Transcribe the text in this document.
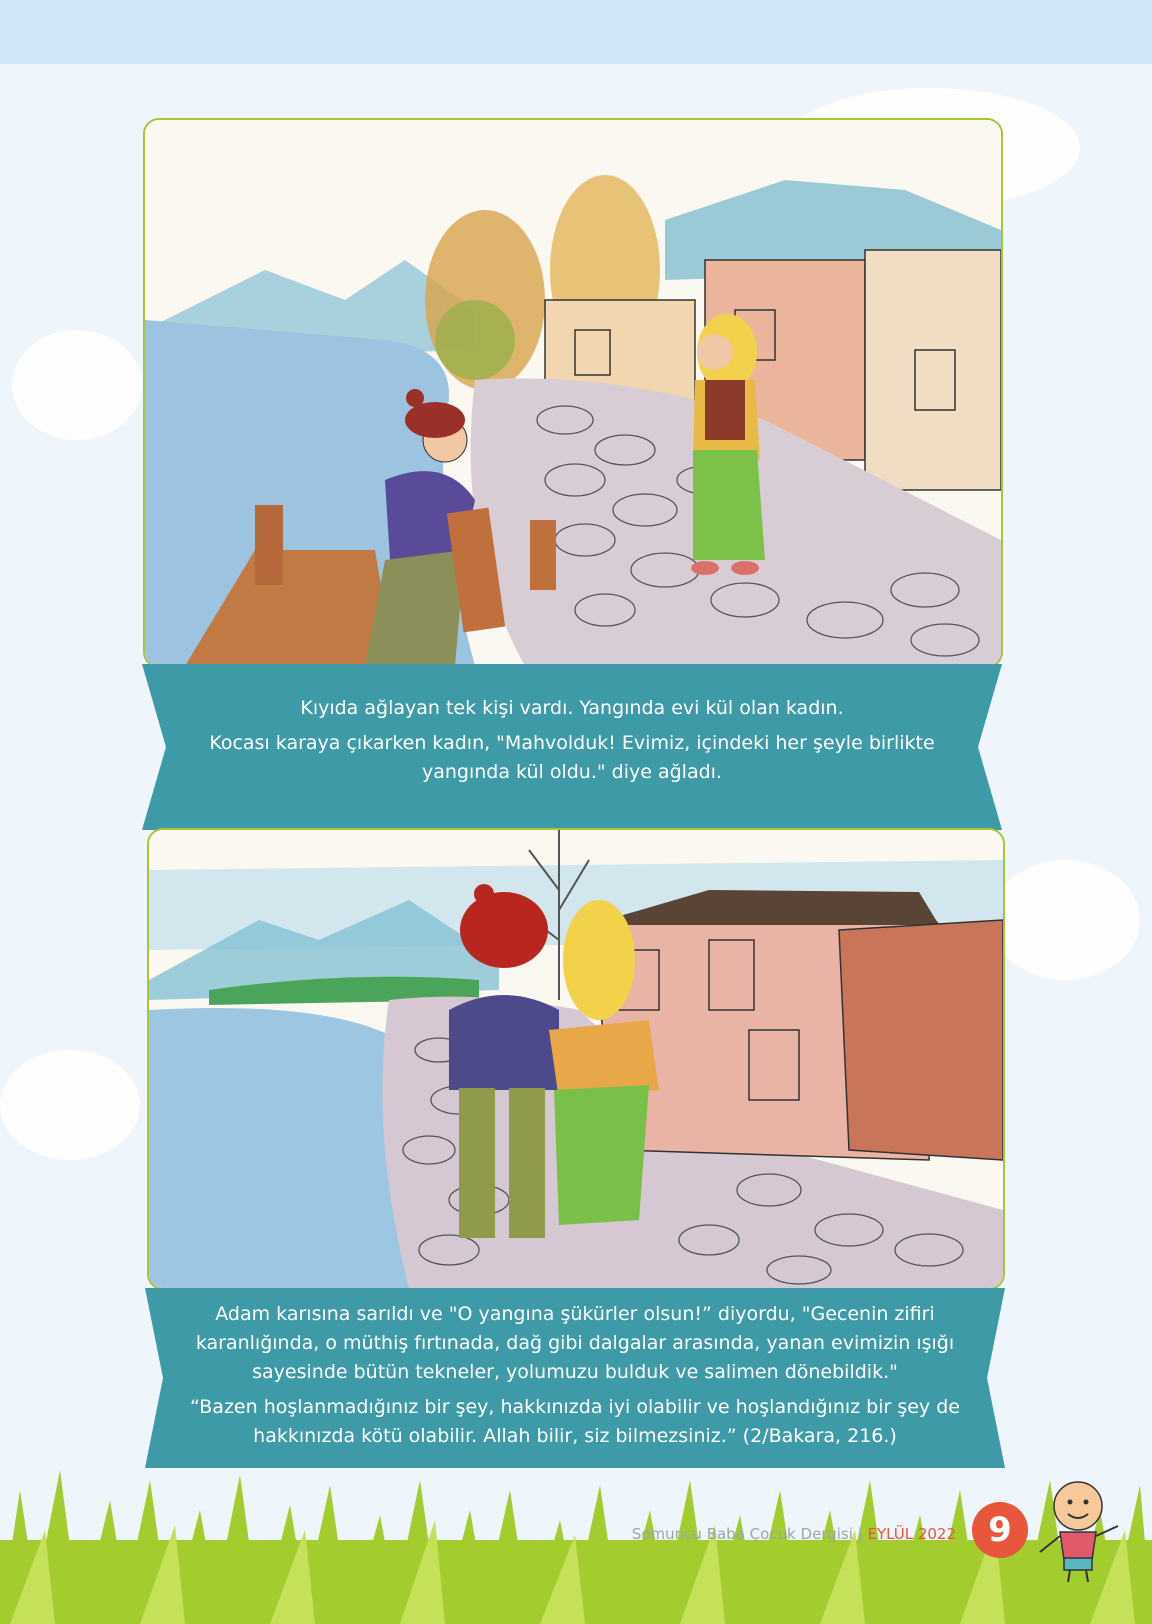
Kıyıda ağlayan tek kişi vardı. Yangında evi kül olan kadın.

Kocası karaya çıkarken kadın, "Mahvolduk! Evimiz, içindeki her şeyle birlikte

yangında kül oldu." diye ağladı.

Adam karısına sarıldı ve "O yangına şükürler olsun!” diyordu, "Gecenin zifiri

karanlığında, o müthiş fırtınada, dağ gibi dalgalar arasında, yanan evimizin ışığı

sayesinde bütün tekneler, yolumuzu bulduk ve salimen dönebildik."

“Bazen hoşlanmadığınız bir şey, hakkınızda iyi olabilir ve hoşlandığınız bir şey de

hakkınızda kötü olabilir. Allah bilir, siz bilmezsiniz.” (2/Bakara, 216.)

Somuncu Baba Çocuk Dergisi | EYLÜL 2022 9
